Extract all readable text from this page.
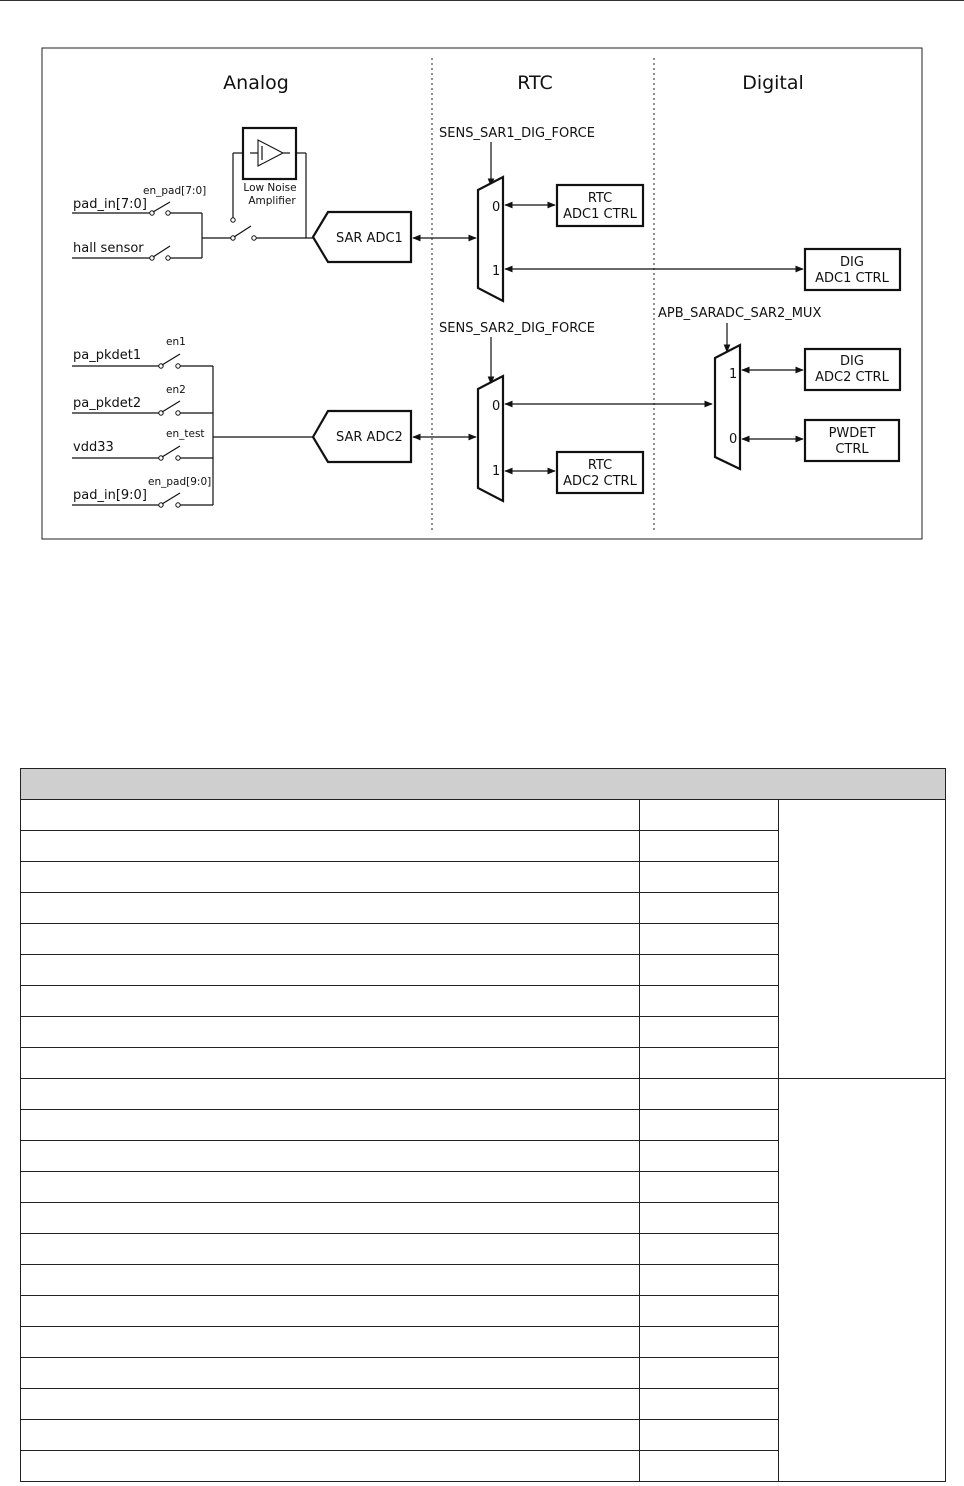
Analog	RTC	Digital
pad_in[7:0]
en_pad[7:0]
hall sensor
Low Noise
Amplifier
SAR ADC1
SENS_SAR1_DIG_FORCE
0
1
RTC
ADC1 CTRL
DIG
ADC1 CTRL
pa_pkdet1
en1
pa_pkdet2
en2
vdd33
en_test
pad_in[9:0]
en_pad[9:0]
SAR ADC2
SENS_SAR2_DIG_FORCE
0
1	RTC
ADC2 CTRL
APB_SARADC_SAR2_MUX
1
0
DIG
ADC2 CTRL
PWDET
CTRL
